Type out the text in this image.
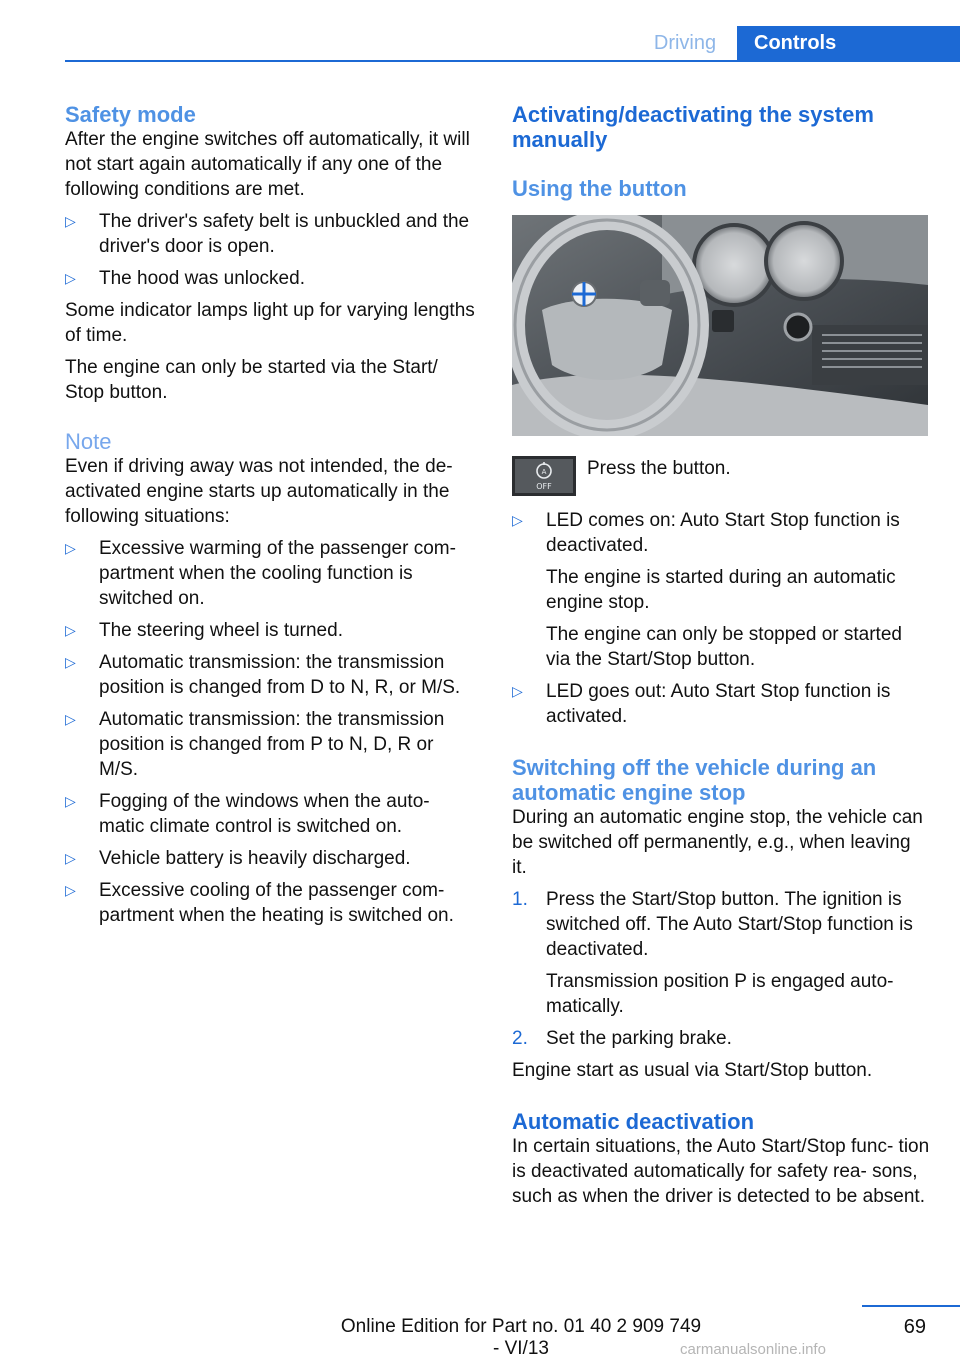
Driving	Controls
Safety mode

After the engine switches off automatically, it will not start again automatically if any one of the following conditions are met.

▷ The driver's safety belt is unbuckled and the driver's door is open.
▷ The hood was unlocked.

Some indicator lamps light up for varying lengths of time.

The engine can only be started via the Start/ Stop button.

Note

Even if driving away was not intended, the de‐ activated engine starts up automatically in the following situations:

▷ Excessive warming of the passenger com‐ partment when the cooling function is switched on.
▷ The steering wheel is turned.
▷ Automatic transmission: the transmission position is changed from D to N, R, or M/S.
▷ Automatic transmission: the transmission position is changed from P to N, D, R or M/S.
▷ Fogging of the windows when the auto‐ matic climate control is switched on.
▷ Vehicle battery is heavily discharged.
▷ Excessive cooling of the passenger com‐ partment when the heating is switched on.
Activating/deactivating the system manually
Using the button
A
OFF

Press the button.

▷ LED comes on: Auto Start Stop function is deactivated.
The engine is started during an automatic engine stop.
The engine can only be stopped or started via the Start/Stop button.
▷ LED goes out: Auto Start Stop function is activated.
Switching off the vehicle during an automatic engine stop

During an automatic engine stop, the vehicle can be switched off permanently, e.g., when leaving it.

1. Press the Start/Stop button. The ignition is switched off. The Auto Start/Stop function is deactivated.
Transmission position P is engaged auto‐ matically.
2. Set the parking brake.

Engine start as usual via Start/Stop button.

Automatic deactivation

In certain situations, the Auto Start/Stop func‐ tion is deactivated automatically for safety rea‐ sons, such as when the driver is detected to be absent.

69
Online Edition for Part no. 01 40 2 909 749 - VI/13	carmanualsonline.info
